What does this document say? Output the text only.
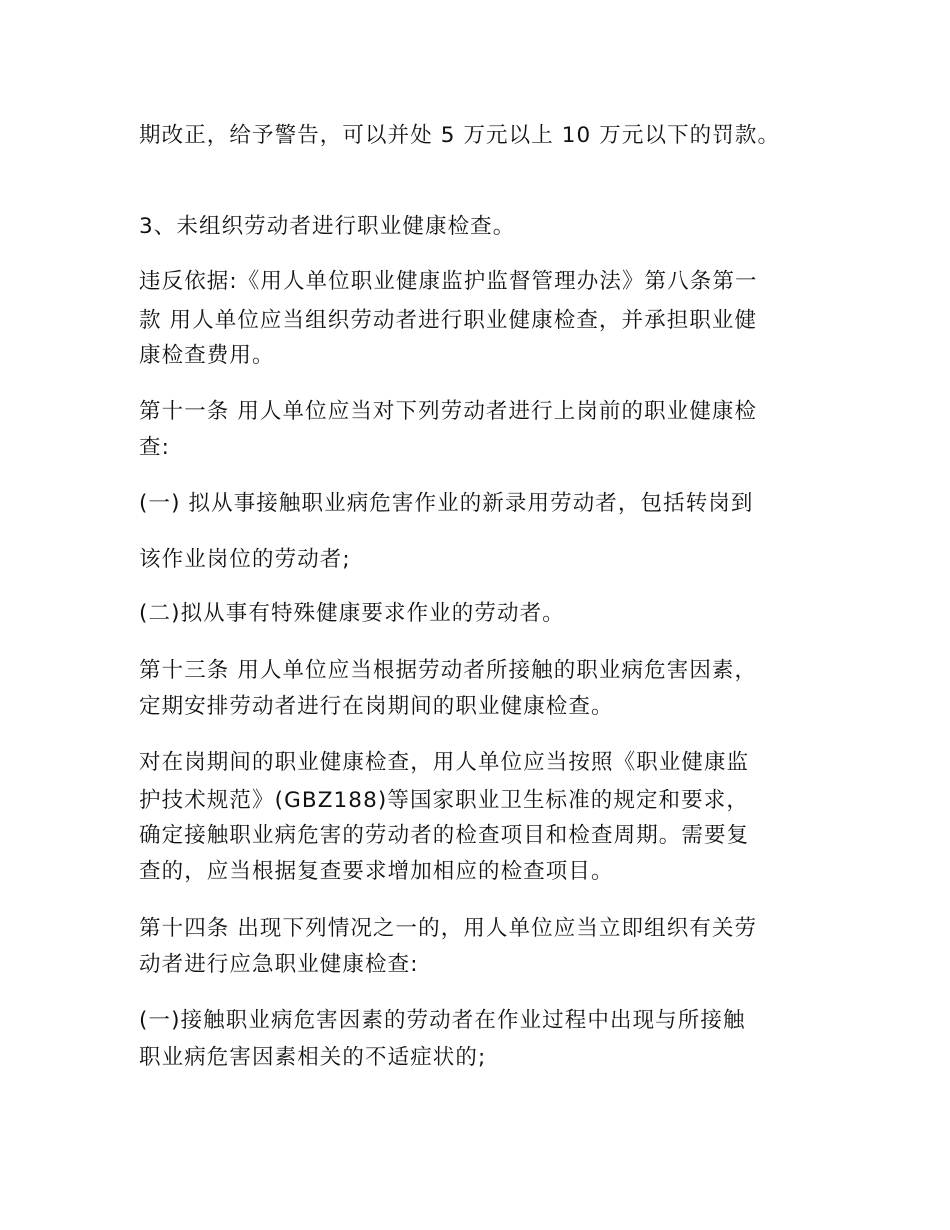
期改正，给予警告，可以并处 5 万元以上 10 万元以下的罚款。
3、未组织劳动者进行职业健康检查。
违反依据:《用人单位职业健康监护监督管理办法》第八条第一
款 用人单位应当组织劳动者进行职业健康检查，并承担职业健
康检查费用。
第十一条 用人单位应当对下列劳动者进行上岗前的职业健康检
查:
(一) 拟从事接触职业病危害作业的新录用劳动者，包括转岗到
该作业岗位的劳动者;
(二)拟从事有特殊健康要求作业的劳动者。
第十三条 用人单位应当根据劳动者所接触的职业病危害因素，
定期安排劳动者进行在岗期间的职业健康检查。
对在岗期间的职业健康检查，用人单位应当按照《职业健康监
护技术规范》(GBZ188)等国家职业卫生标准的规定和要求，
确定接触职业病危害的劳动者的检查项目和检查周期。需要复
查的，应当根据复查要求增加相应的检查项目。
第十四条 出现下列情况之一的，用人单位应当立即组织有关劳
动者进行应急职业健康检查:
(一)接触职业病危害因素的劳动者在作业过程中出现与所接触
职业病危害因素相关的不适症状的;
